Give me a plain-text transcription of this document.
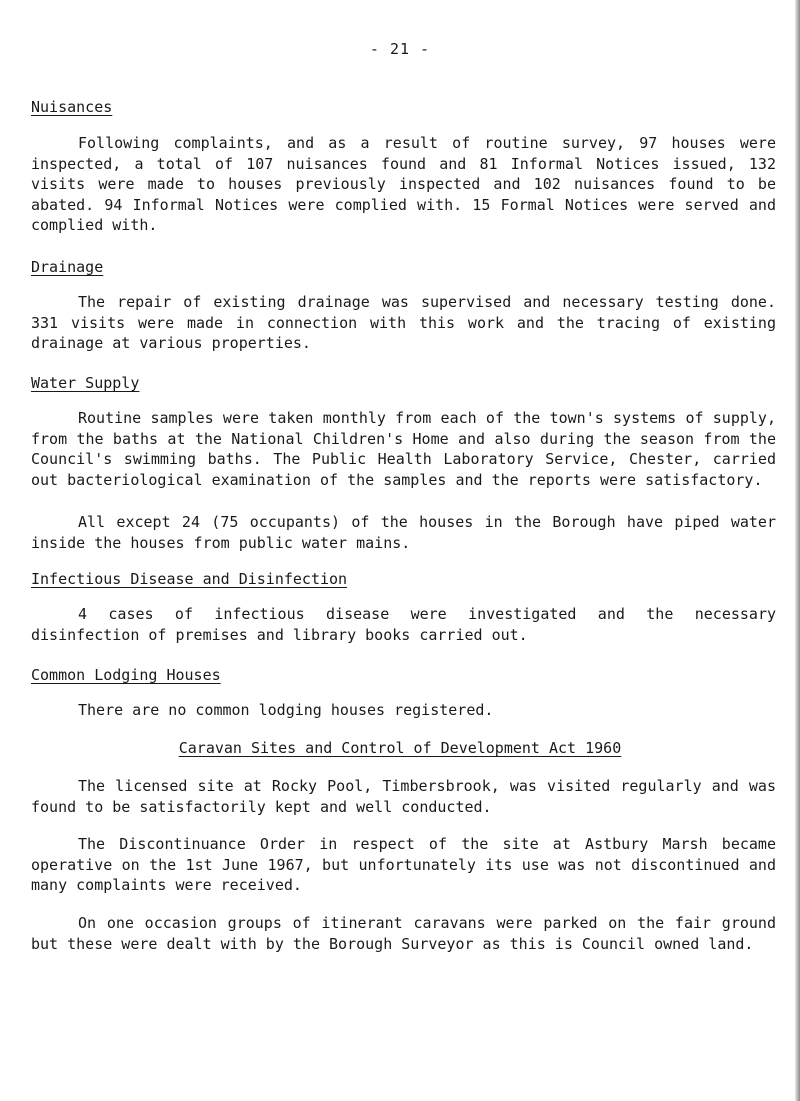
- 21 -
Nuisances

Following complaints, and as a result of routine survey, 97 houses were inspected, a total of 107 nuisances found and 81 Informal Notices issued, 132 visits were made to houses previously inspected and 102 nuisances found to be abated. 94 Informal Notices were complied with. 15 Formal Notices were served and complied with.

Drainage

The repair of existing drainage was supervised and necessary testing done. 331 visits were made in connection with this work and the tracing of existing drainage at various properties.

Water Supply

Routine samples were taken monthly from each of the town's systems of supply, from the baths at the National Children's Home and also during the season from the Council's swimming baths. The Public Health Laboratory Service, Chester, carried out bacteriological examination of the samples and the reports were satisfactory.

All except 24 (75 occupants) of the houses in the Borough have piped water inside the houses from public water mains.

Infectious Disease and Disinfection

4 cases of infectious disease were investigated and the necessary disinfection of premises and library books carried out.

Common Lodging Houses

There are no common lodging houses registered.

Caravan Sites and Control of Development Act 1960

The licensed site at Rocky Pool, Timbersbrook, was visited regularly and was found to be satisfactorily kept and well conducted.

The Discontinuance Order in respect of the site at Astbury Marsh became operative on the 1st June 1967, but unfortunately its use was not discontinued and many complaints were received.

On one occasion groups of itinerant caravans were parked on the fair ground but these were dealt with by the Borough Surveyor as this is Council owned land.
